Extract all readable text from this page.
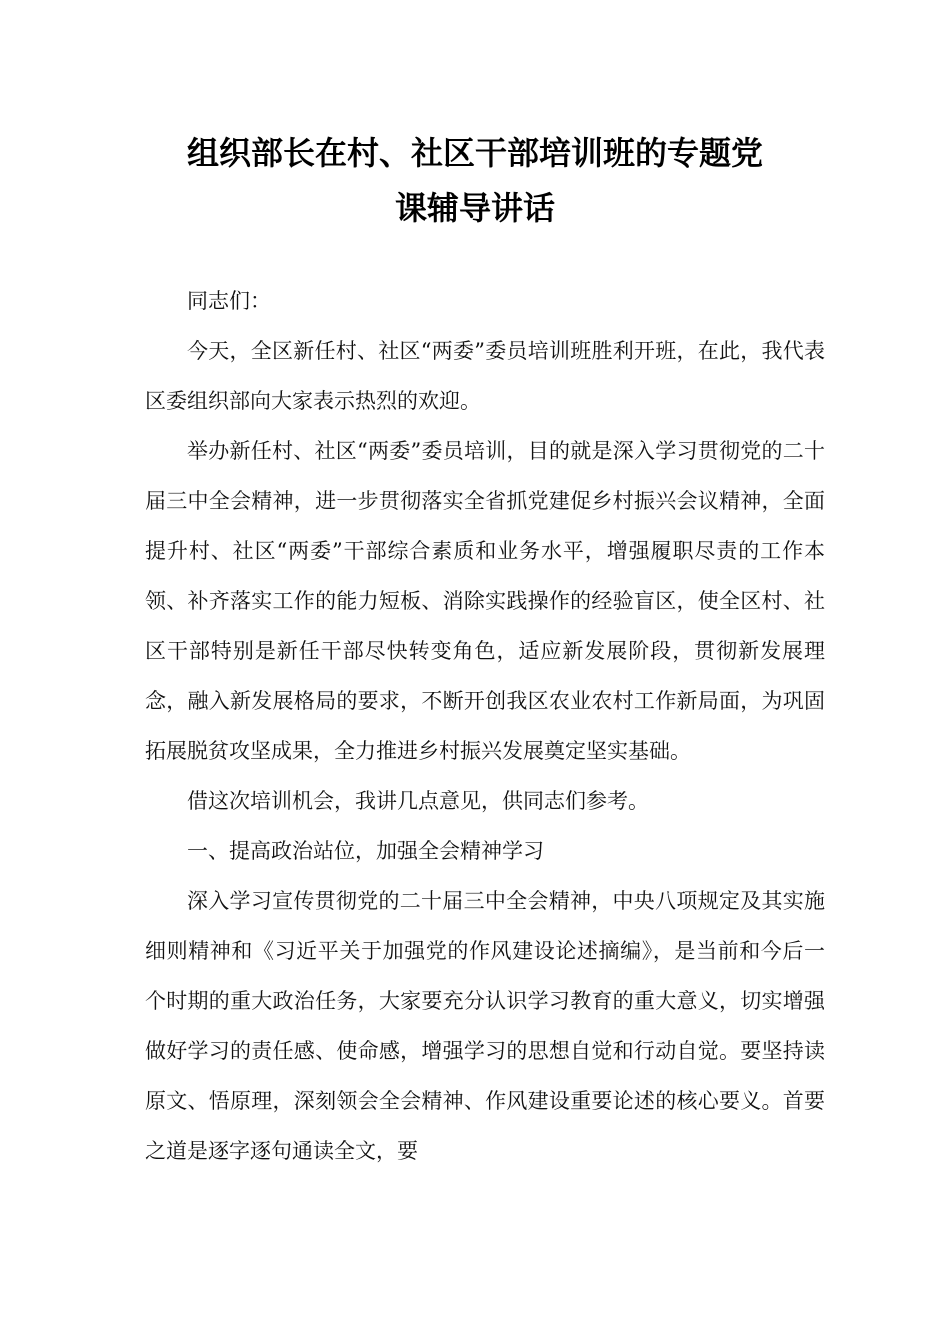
组织部长在村、社区干部培训班的专题党
课辅导讲话

同志们：

今天，全区新任村、社区“两委”委员培训班胜利开班，在此，我代表区委组织部向大家表示热烈的欢迎。

举办新任村、社区“两委”委员培训，目的就是深入学习贯彻党的二十届三中全会精神，进一步贯彻落实全省抓党建促乡村振兴会议精神，全面提升村、社区“两委”干部综合素质和业务水平，增强履职尽责的工作本领、补齐落实工作的能力短板、消除实践操作的经验盲区，使全区村、社区干部特别是新任干部尽快转变角色，适应新发展阶段，贯彻新发展理念，融入新发展格局的要求，不断开创我区农业农村工作新局面，为巩固拓展脱贫攻坚成果，全力推进乡村振兴发展奠定坚实基础。

借这次培训机会，我讲几点意见，供同志们参考。

一、提高政治站位，加强全会精神学习

深入学习宣传贯彻党的二十届三中全会精神，中央八项规定及其实施细则精神和《习近平关于加强党的作风建设论述摘编》，是当前和今后一个时期的重大政治任务，大家要充分认识学习教育的重大意义，切实增强做好学习的责任感、使命感，增强学习的思想自觉和行动自觉。要坚持读原文、悟原理，深刻领会全会精神、作风建设重要论述的核心要义。首要之道是逐字逐句通读全文，要
